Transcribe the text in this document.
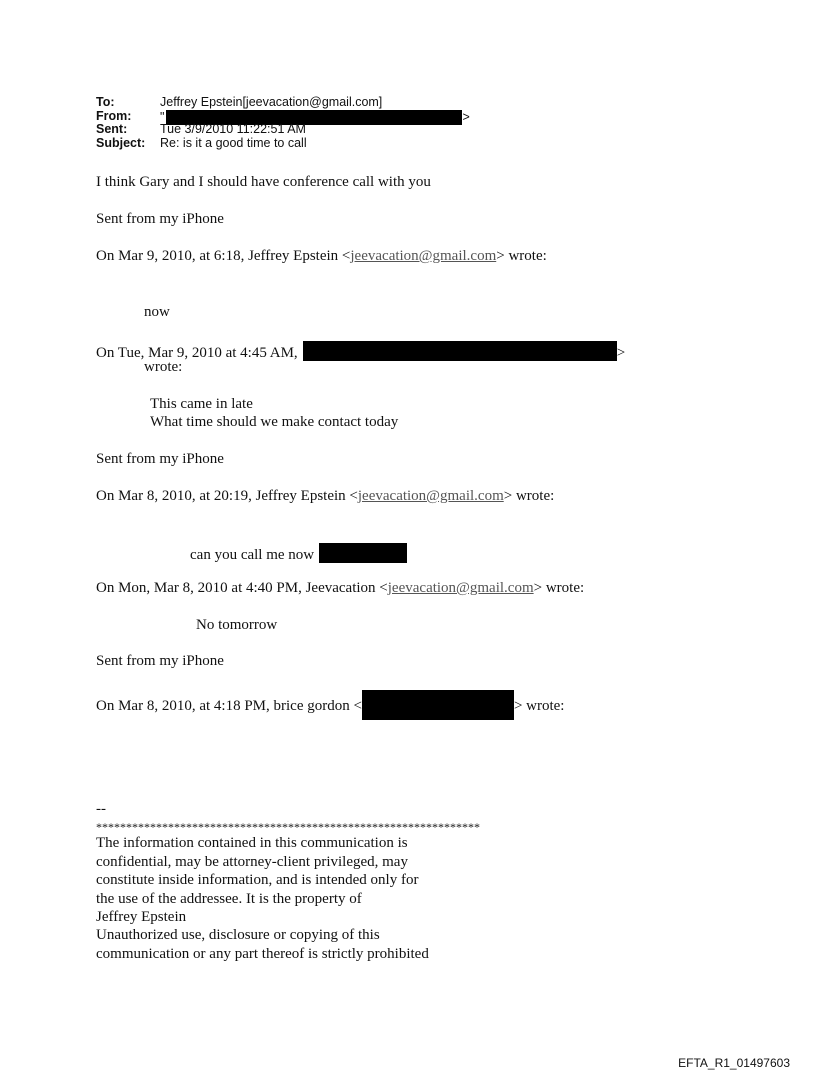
To:	Jeffrey Epstein[jeevacation@gmail.com]
From:	"	>
Sent:	Tue 3/9/2010 11:22:51 AM
Subject:	Re: is it a good time to call
I think Gary and I should have conference call with you
Sent from my iPhone
On Mar 9, 2010, at 6:18, Jeffrey Epstein <jeevacation@gmail.com> wrote:
now
On Tue, Mar 9, 2010 at 4:45 AM,	>
wrote:
This came in late
What time should we make contact today
Sent from my iPhone
On Mar 8, 2010, at 20:19, Jeffrey Epstein <jeevacation@gmail.com> wrote:
can you call me now
On Mon, Mar 8, 2010 at 4:40 PM, Jeevacation <jeevacation@gmail.com> wrote:
No tomorrow
Sent from my iPhone
On Mar 8, 2010, at 4:18 PM, brice gordon <	> wrote:
--
****************************************************************
The information contained in this communication is
confidential, may be attorney-client privileged, may
constitute inside information, and is intended only for
the use of the addressee. It is the property of
Jeffrey Epstein
Unauthorized use, disclosure or copying of this
communication or any part thereof is strictly prohibited
EFTA_R1_01497603
